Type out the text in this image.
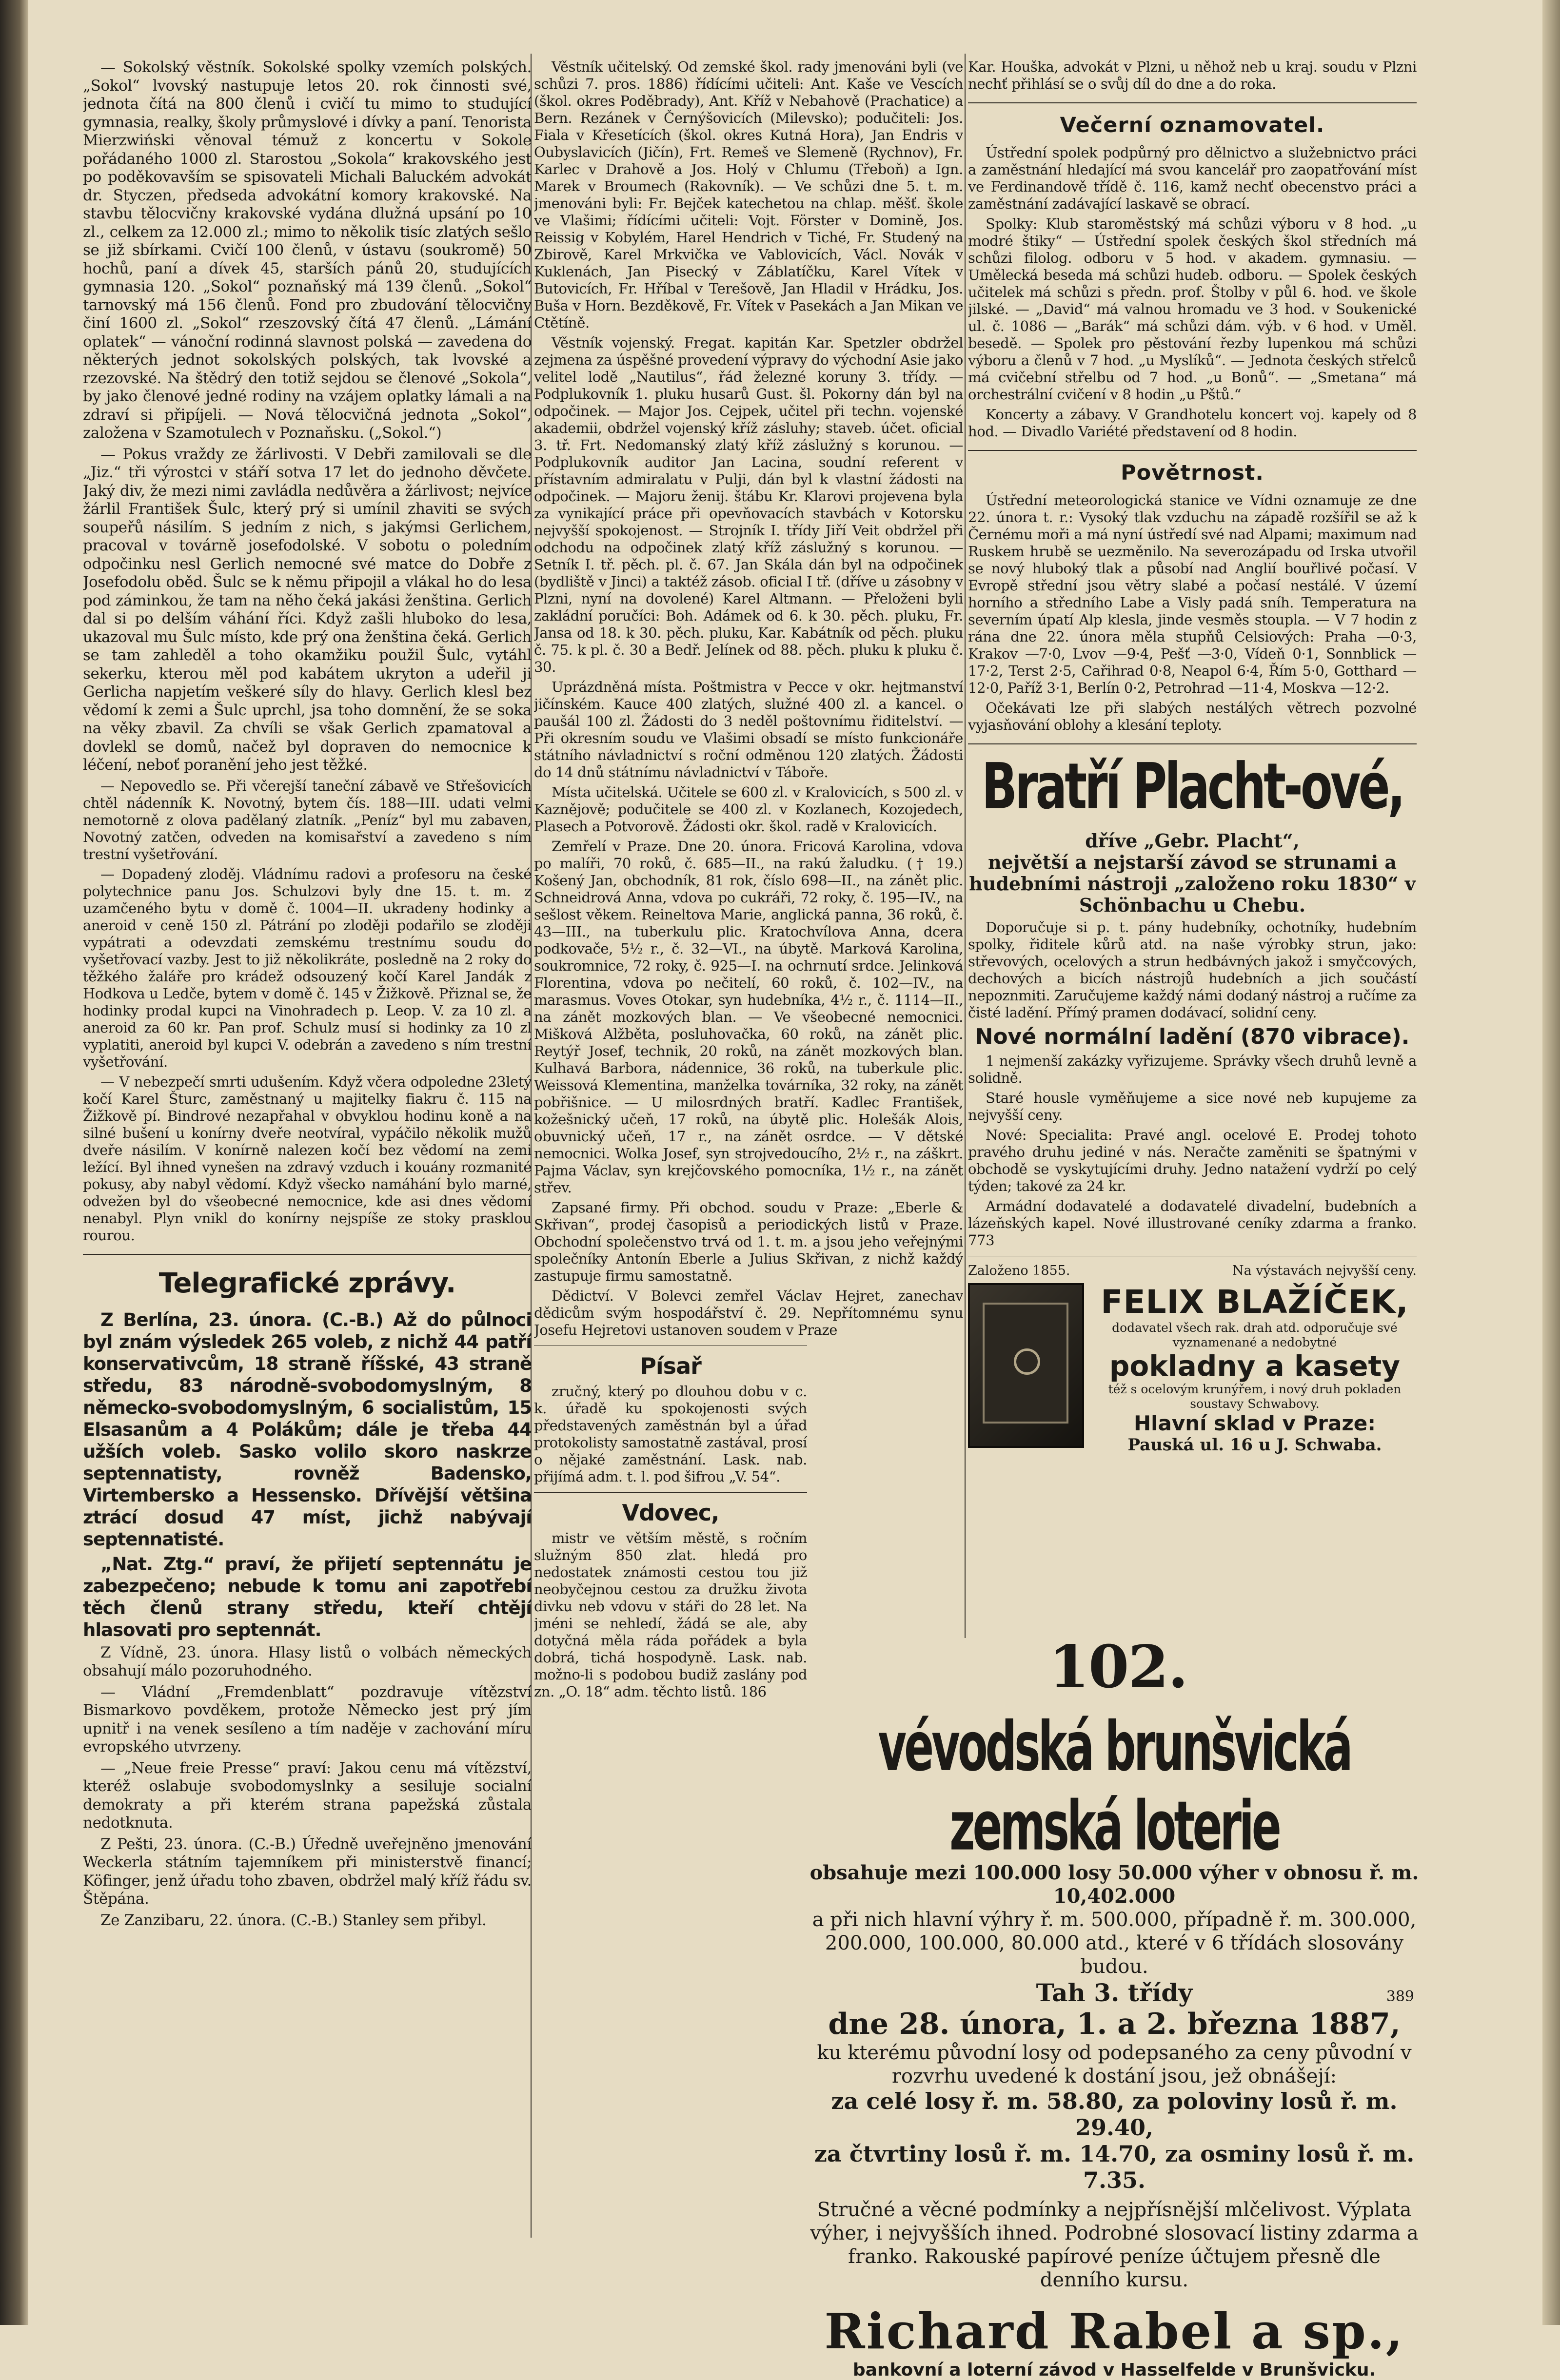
— Sokolský věstník. Sokolské spolky vzemích polských. „Sokol“ lvovský nastupuje letos 20. rok činnosti své, jednota čítá na 800 členů i cvičí tu mimo to studující gymnasia, realky, školy průmyslové i dívky a paní. Tenorista Mierzwiński věnoval témuž z koncertu v Sokole pořádaného 1000 zl. Starostou „Sokola“ krakovského jest po poděkovavším se spisovateli Michali Baluckém advokát dr. Styczen, předseda advokátní komory krakovské. Na stavbu tělocvičny krakovské vydána dlužná upsání po 10 zl., celkem za 12.000 zl.; mimo to několik tisíc zlatých sešlo se již sbírkami. Cvičí 100 členů, v ústavu (soukromě) 50 hochů, paní a dívek 45, starších pánů 20, studujících gymnasia 120. „Sokol“ poznaňský má 139 členů. „Sokol“ tarnovský má 156 členů. Fond pro zbudování tělocvičny činí 1600 zl. „Sokol“ rzeszovský čítá 47 členů. „Lámání oplatek“ — vánoční rodinná slavnost polská — zavedena do některých jednot sokolských polských, tak lvovské a rzezovské. Na štědrý den totiž sejdou se členové „Sokola“, by jako členové jedné rodiny na vzájem oplatky lámali a na zdraví si připíjeli. — Nová tělocvičná jednota „Sokol“, založena v Szamotulech v Poznaňsku. („Sokol.“)

— Pokus vraždy ze žárlivosti. V Debři zamilovali se dle „Jiz.“ tři výrostci v stáří sotva 17 let do jednoho děvčete. Jaký div, že mezi nimi zavládla nedůvěra a žárlivost; nejvíce žárlil František Šulc, který prý si umínil zhaviti se svých soupeřů násilím. S jedním z nich, s jakýmsi Gerlichem, pracoval v továrně josefodolské. V sobotu o poledním odpočinku nesl Gerlich nemocné své matce do Dobře z Josefodolu oběd. Šulc se k němu připojil a vlákal ho do lesa pod záminkou, že tam na něho čeká jakási ženština. Gerlich dal si po delším váhání říci. Když zašli hluboko do lesa, ukazoval mu Šulc místo, kde prý ona ženština čeká. Gerlich se tam zahleděl a toho okamžiku použil Šulc, vytáhl sekerku, kterou měl pod kabátem ukryton a udeřil ji Gerlicha napjetím veškeré síly do hlavy. Gerlich klesl bez vědomí k zemi a Šulc uprchl, jsa toho domnění, že se soka na věky zbavil. Za chvíli se však Gerlich zpamatoval a dovlekl se domů, načež byl dopraven do nemocnice k léčení, neboť poranění jeho jest těžké.

— Nepovedlo se. Při včerejší taneční zábavě ve Střešovicích chtěl nádenník K. Novotný, bytem čís. 188—III. udati velmi nemotorně z olova padělaný zlatník. „Peníz“ byl mu zabaven, Novotný zatčen, odveden na komisařství a zavedeno s ním trestní vyšetřování.

— Dopadený zloděj. Vládnímu radovi a profesoru na české polytechnice panu Jos. Schulzovi byly dne 15. t. m. z uzamčeného bytu v domě č. 1004—II. ukradeny hodinky a aneroid v ceně 150 zl. Pátrání po zloději podařilo se zloději vypátrati a odevzdati zemskému trestnímu soudu do vyšetřovací vazby. Jest to již několikráte, posledně na 2 roky do těžkého žaláře pro krádež odsouzený kočí Karel Jandák z Hodkova u Ledče, bytem v domě č. 145 v Žižkově. Přiznal se, že hodinky prodal kupci na Vinohradech p. Leop. V. za 10 zl. a aneroid za 60 kr. Pan prof. Schulz musí si hodinky za 10 zl vyplatiti, aneroid byl kupci V. odebrán a zavedeno s ním trestní vyšetřování.

— V nebezpečí smrti udušením. Když včera odpoledne 23letý kočí Karel Šturc, zaměstnaný u majitelky fiakru č. 115 na Žižkově pí. Bindrové nezapřahal v obvyklou hodinu koně a na silné bušení u konírny dveře neotvíral, vypáčilo několik mužů dveře násilím. V konírně nalezen kočí bez vědomí na zemi ležící. Byl ihned vynešen na zdravý vzduch i kouány rozmanité pokusy, aby nabyl vědomí. Když všecko namáhání bylo marné, odvežen byl do všeobecné nemocnice, kde asi dnes vědomí nenabyl. Plyn vnikl do konírny nejspíše ze stoky prasklou rourou.

Telegrafické zprávy.

Z Berlína, 23. února. (C.-B.) Až do půlnoci byl znám výsledek 265 voleb, z nichž 44 patří konservativcům, 18 straně říšské, 43 straně středu, 83 národně-svobodomyslným, 8 německo-svobodomyslným, 6 socialistům, 15 Elsasanům a 4 Polákům; dále je třeba 44 užších voleb. Sasko volilo skoro naskrze septennatisty, rovněž Badensko, Virtembersko a Hessensko. Dřívější většina ztrácí dosud 47 míst, jichž nabývají septennatisté.

„Nat. Ztg.“ praví, že přijetí septennátu je zabezpečeno; nebude k tomu ani zapotřebí těch členů strany středu, kteří chtějí hlasovati pro septennát.

Z Vídně, 23. února. Hlasy listů o volbách německých obsahují málo pozoruhodného.

— Vládní „Fremdenblatt“ pozdravuje vítězství Bismarkovo povděkem, protože Německo jest prý jím upnitř i na venek sesíleno a tím naděje v zachování míru evropského utvrzeny.

— „Neue freie Presse“ praví: Jakou cenu má vítězství, kteréž oslabuje svobodomyslnky a sesiluje socialní demokraty a při kterém strana papežská zůstala nedotknuta.

Z Pešti, 23. února. (C.-B.) Úředně uveřejněno jmenování Weckerla státním tajemníkem při ministerstvě financí; Köfinger, jenž úřadu toho zbaven, obdržel malý kříž řádu sv. Štěpána.

Ze Zanzibaru, 22. února. (C.-B.) Stanley sem přibyl.

Věstník učitelský. Od zemské škol. rady jmenováni byli (ve schůzi 7. pros. 1886) řídícími učiteli: Ant. Kaše ve Vescích (škol. okres Poděbrady), Ant. Kříž v Nebahově (Prachatice) a Bern. Rezánek v Černýšovicích (Milevsko); podučiteli: Jos. Fiala v Křesetících (škol. okres Kutná Hora), Jan Endris v Oubyslavicích (Jičín), Frt. Remeš ve Slemeně (Rychnov), Fr. Karlec v Drahově a Jos. Holý v Chlumu (Třeboň) a Ign. Marek v Broumech (Rakovník). — Ve schůzi dne 5. t. m. jmenováni byli: Fr. Bejček katechetou na chlap. měšť. škole ve Vlašimi; řídícími učiteli: Vojt. Förster v Domině, Jos. Reissig v Kobylém, Harel Hendrich v Tiché, Fr. Studený na Zbirově, Karel Mrkvička ve Vablovicích, Václ. Novák v Kuklenách, Jan Pisecký v Záblatíčku, Karel Vítek v Butovicích, Fr. Hříbal v Terešově, Jan Hladil v Hrádku, Jos. Buša v Horn. Bezděkově, Fr. Vítek v Pasekách a Jan Mikan ve Ctětíně.

Věstník vojenský. Fregat. kapitán Kar. Spetzler obdržel zejmena za úspěšné provedení výpravy do východní Asie jako velitel lodě „Nautilus“, řád železné koruny 3. třídy. — Podplukovník 1. pluku husarů Gust. šl. Pokorny dán byl na odpočinek. — Major Jos. Cejpek, učitel při techn. vojenské akademii, obdržel vojenský kříž zásluhy; staveb. účet. oficial 3. tř. Frt. Nedomanský zlatý kříž záslužný s korunou. — Podplukovník auditor Jan Lacina, soudní referent v přístavním admiralatu v Pulji, dán byl k vlastní žádosti na odpočinek. — Majoru ženij. štábu Kr. Klarovi projevena byla za vynikající práce při opevňovacích stavbách v Kotorsku nejvyšší spokojenost. — Strojník I. třídy Jiří Veit obdržel při odchodu na odpočinek zlatý kříž záslužný s korunou. — Setník I. tř. pěch. pl. č. 67. Jan Skála dán byl na odpočinek (bydliště v Jinci) a taktéž zásob. oficial I tř. (dříve u zásobny v Plzni, nyní na dovolené) Karel Altmann. — Přeloženi byli zakládní poručíci: Boh. Adámek od 6. k 30. pěch. pluku, Fr. Jansa od 18. k 30. pěch. pluku, Kar. Kabátník od pěch. pluku č. 75. k pl. č. 30 a Bedř. Jelínek od 88. pěch. pluku k pluku č. 30.

Uprázdněná místa. Poštmistra v Pecce v okr. hejtmanství jičínském. Kauce 400 zlatých, služné 400 zl. a kancel. o paušál 100 zl. Žádosti do 3 neděl poštovnímu řiditelství. — Při okresním soudu ve Vlašimi obsadí se místo funkcionáře státního návladnictví s roční odměnou 120 zlatých. Žádosti do 14 dnů státnímu návladnictví v Táboře.

Místa učitelská. Učitele se 600 zl. v Kralovicích, s 500 zl. v Kaznějově; podučitele se 400 zl. v Kozlanech, Kozojedech, Plasech a Potvorově. Žádosti okr. škol. radě v Kralovicích.

Zemřelí v Praze. Dne 20. února. Fricová Karolina, vdova po malíři, 70 roků, č. 685—II., na rakú žaludku. († 19.) Košený Jan, obchodník, 81 rok, číslo 698—II., na zánět plic. Schneidrová Anna, vdova po cukráři, 72 roky, č. 195—IV., na sešlost věkem. Reineltova Marie, anglická panna, 36 roků, č. 43—III., na tuberkulu plic. Kratochvílova Anna, dcera podkovače, 5½ r., č. 32—VI., na úbytě. Marková Karolina, soukromnice, 72 roky, č. 925—I. na ochrnutí srdce. Jelinková Florentina, vdova po nečitelí, 60 roků, č. 102—IV., na marasmus. Voves Otokar, syn hudebníka, 4½ r., č. 1114—II., na zánět mozkových blan. — Ve všeobecné nemocnici. Mišková Alžběta, posluhovačka, 60 roků, na zánět plic. Reytýř Josef, technik, 20 roků, na zánět mozkových blan. Kulhavá Barbora, nádennice, 36 roků, na tuberkule plic. Weissová Klementina, manželka továrníka, 32 roky, na zánět pobřišnice. — U milosrdných bratří. Kadlec František, kožešnický učeň, 17 roků, na úbytě plic. Holešák Alois, obuvnický učeň, 17 r., na zánět osrdce. — V dětské nemocnici. Wolka Josef, syn strojvedoucího, 2½ r., na záškrt. Pajma Václav, syn krejčovského pomocníka, 1½ r., na zánět střev.

Zapsané firmy. Při obchod. soudu v Praze: „Eberle & Skřivan“, prodej časopisů a periodických listů v Praze. Obchodní společenstvo trvá od 1. t. m. a jsou jeho veřejnými společníky Antonín Eberle a Julius Skřivan, z nichž každý zastupuje firmu samostatně.

Dědictví. V Bolevci zemřel Václav Hejret, zanechav dědicům svým hospodářství č. 29. Nepřítomnému synu Josefu Hejretovi ustanoven soudem v Praze

Písař

zručný, který po dlouhou dobu v c. k. úřadě ku spokojenosti svých představených zaměstnán byl a úřad protokolisty samostatně zastával, prosí o nějaké zaměstnání. Lask. nab. přijímá adm. t. l. pod šifrou „V. 54“.

Vdovec,

mistr ve větším městě, s ročním služným 850 zlat. hledá pro nedostatek známosti cestou tou již neobyčejnou cestou za družku života divku neb vdovu v stáři do 28 let. Na jméni se nehledí, žádá se ale, aby dotyčná měla ráda pořádek a byla dobrá, tichá hospodyně. Lask. nab. možno-li s podobou budiž zaslány pod zn. „O. 18“ adm. těchto listů. 186

Kar. Houška, advokát v Plzni, u něhož neb u kraj. soudu v Plzni nechť přihlásí se o svůj díl do dne a do roka.

Večerní oznamovatel.

Ústřední spolek podpůrný pro dělnictvo a služebnictvo práci a zaměstnání hledající má svou kancelář pro zaopatřování míst ve Ferdinandově třídě č. 116, kamž nechť obecenstvo práci a zaměstnání zadávající laskavě se obrací.

Spolky: Klub staroměstský má schůzi výboru v 8 hod. „u modré štiky“ — Ústřední spolek českých škol středních má schůzi filolog. odboru v 5 hod. v akadem. gymnasiu. — Umělecká beseda má schůzi hudeb. odboru. — Spolek českých učitelek má schůzi s předn. prof. Štolby v půl 6. hod. ve škole jilské. — „David“ má valnou hromadu ve 3 hod. v Soukenické ul. č. 1086 — „Barák“ má schůzi dám. výb. v 6 hod. v Uměl. besedě. — Spolek pro pěstování řezby lupenkou má schůzi výboru a členů v 7 hod. „u Myslíků“. — Jednota českých střelců má cvičební střelbu od 7 hod. „u Bonů“. — „Smetana“ má orchestrální cvičení v 8 hodin „u Pštů.“

Koncerty a zábavy. V Grandhotelu koncert voj. kapely od 8 hod. — Divadlo Variété představení od 8 hodin.

Povětrnost.

Ústřední meteorologická stanice ve Vídni oznamuje ze dne 22. února t. r.: Vysoký tlak vzduchu na západě rozšířil se až k Černému moři a má nyní ústředí své nad Alpami; maximum nad Ruskem hrubě se uezměnilo. Na severozápadu od Irska utvořil se nový hluboký tlak a působí nad Anglií bouřlivé počasí. V Evropě střední jsou větry slabé a počasí nestálé. V území horního a středního Labe a Visly padá sníh. Temperatura na severním úpatí Alp klesla, jinde vesměs stoupla. — V 7 hodin z rána dne 22. února měla stupňů Celsiových: Praha —0·3, Krakov —7·0, Lvov —9·4, Pešť —3·0, Vídeň 0·1, Sonnblick —17·2, Terst 2·5, Cařihrad 0·8, Neapol 6·4, Řím 5·0, Gotthard —12·0, Paříž 3·1, Berlín 0·2, Petrohrad —11·4, Moskva —12·2.

Očekávati lze při slabých nestálých větrech pozvolné vyjasňování oblohy a klesání teploty.

Bratří Placht-ové,
dříve „Gebr. Placht“,
největší a nejstarší závod se strunami a hudebními nástroji „založeno roku 1830“ v Schönbachu u Chebu.

Doporučuje si p. t. pány hudebníky, ochotníky, hudebním spolky, řiditele kůrů atd. na naše výrobky strun, jako: střevových, ocelových a strun hedbávných jakož i smyčcových, dechových a bicích nástrojů hudebních a jich součástí nepoznmiti. Zaručujeme každý námi dodaný nástroj a ručíme za čisté ladění. Přímý pramen dodávací, solidní ceny.

Nové normální ladění (870 vibrace).

1 nejmenší zakázky vyřizujeme. Správky všech druhů levně a solidně.

Staré housle vyměňujeme a sice nové neb kupujeme za nejvyšší ceny.

Nové: Specialita: Pravé angl. ocelové E. Prodej tohoto pravého druhu jediné v nás. Neračte zaměniti se špatnými v obchodě se vyskytujícími druhy. Jedno natažení vydrží po celý týden; takové za 24 kr.

Armádní dodavatelé a dodavatelé divadelní, budebních a lázeňských kapel. Nové illustrované ceníky zdarma a franko. 773

Založeno 1855.	Na výstavách nejvyšší ceny.
FELIX BLAŽÍČEK,
dodavatel všech rak. drah atd. odporučuje své vyznamenané a nedobytné
pokladny a kasety
též s ocelovým krunýřem, i nový druh pokladen soustavy Schwabovy.
Hlavní sklad v Praze:
Pauská ul. 16 u J. Schwaba.
102.
vévodská brunšvická zemská loterie
obsahuje mezi 100.000 losy 50.000 výher v obnosu ř. m. 10,402.000
a při nich hlavní výhry ř. m. 500.000, případně ř. m. 300.000, 200.000, 100.000, 80.000 atd., které v 6 třídách slosovány budou.
Tah 3. třídy	389
dne 28. února, 1. a 2. března 1887,
ku kterému původní losy od podepsaného za ceny původní v rozvrhu uvedené k dostání jsou, jež obnášejí:
za celé losy ř. m. 58.80, za poloviny losů ř. m. 29.40,
za čtvrtiny losů ř. m. 14.70, za osminy losů ř. m. 7.35.
Stručné a věcné podmínky a nejpřísnější mlčelivost. Výplata výher, i nejvyšších ihned. Podrobné slosovací listiny zdarma a franko. Rakouské papírové peníze účtujem přesně dle denního kursu.
Richard Rabel a sp.,
bankovní a loterní závod v Hasselfelde v Brunšvicku.
